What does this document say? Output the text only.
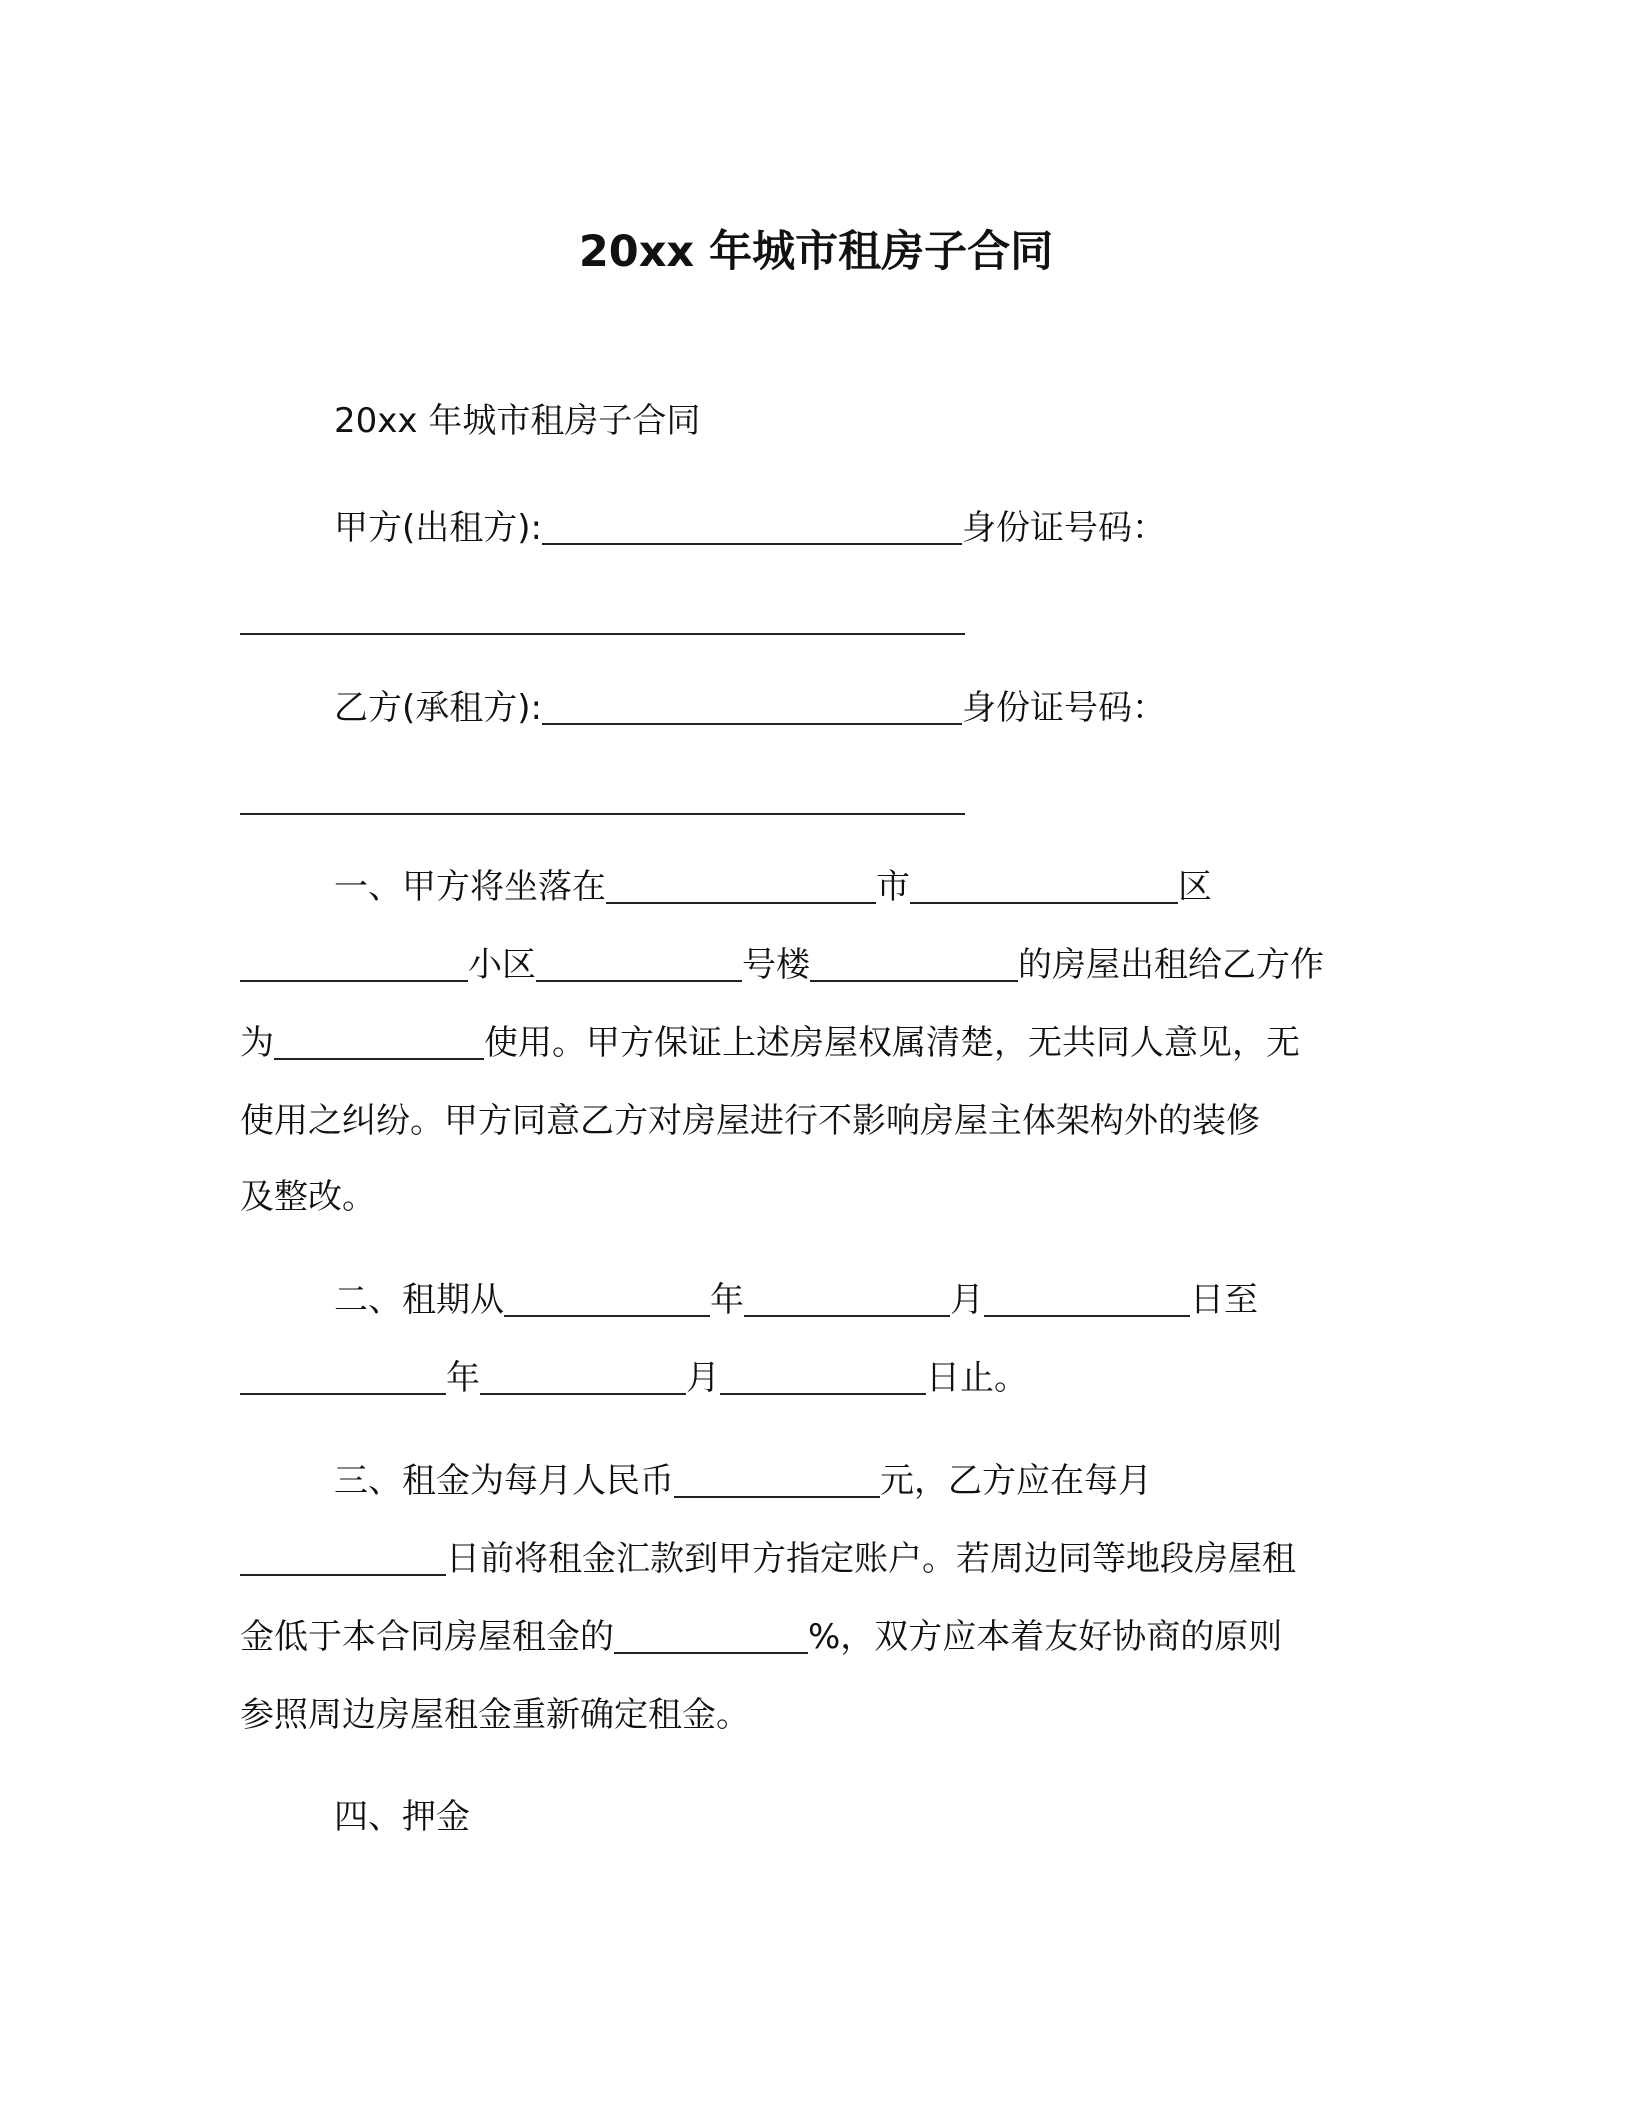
20xx 年城市租房子合同
20xx 年城市租房子合同
甲方(出租方):	身份证号码：
乙方(承租方):	身份证号码：
一、甲方将坐落在	市	区
小区	号楼	的房屋出租给乙方作
为	使用。甲方保证上述房屋权属清楚，无共同人意见，无
使用之纠纷。甲方同意乙方对房屋进行不影响房屋主体架构外的装修
及整改。
二、租期从	年	月	日至
年	月	日止。
三、租金为每月人民币	元，乙方应在每月
日前将租金汇款到甲方指定账户。若周边同等地段房屋租
金低于本合同房屋租金的	%，双方应本着友好协商的原则
参照周边房屋租金重新确定租金。
四、押金
